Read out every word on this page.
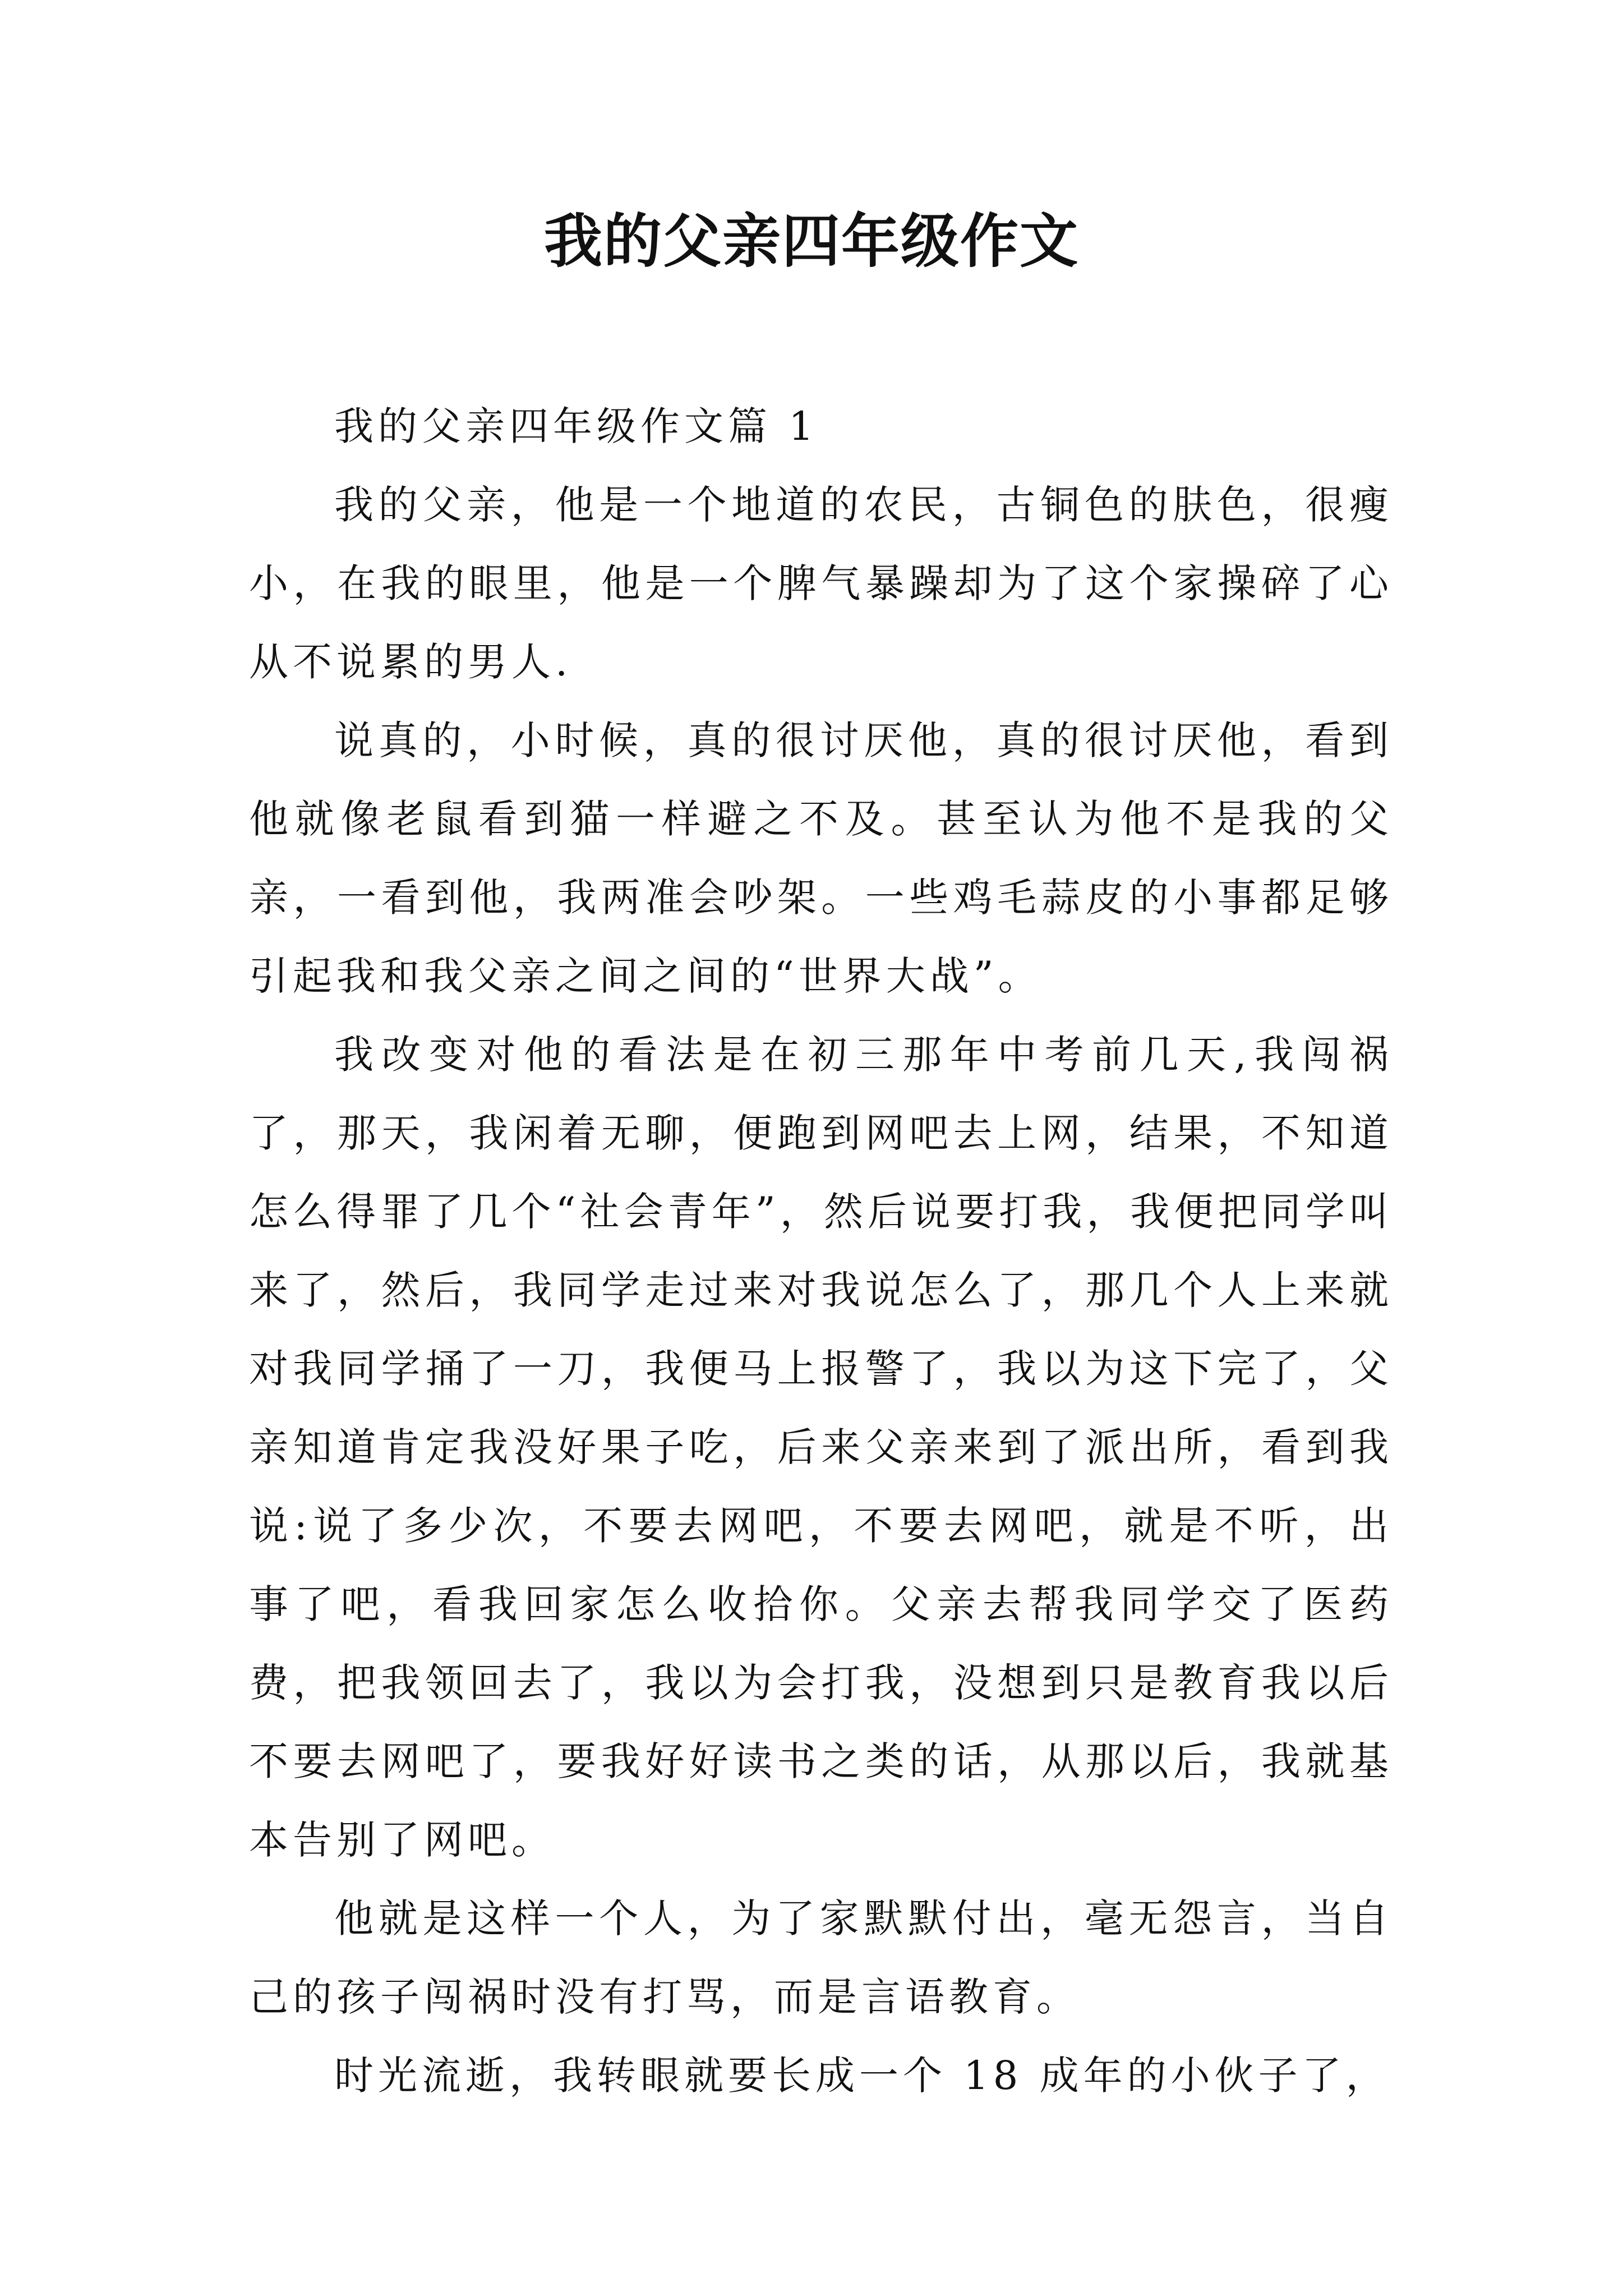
我的父亲四年级作文

我的父亲四年级作文篇 1

我的父亲，他是一个地道的农民，古铜色的肤色，很瘦小，在我的眼里，他是一个脾气暴躁却为了这个家操碎了心从不说累的男人.

说真的，小时候，真的很讨厌他，真的很讨厌他，看到他就像老鼠看到猫一样避之不及。甚至认为他不是我的父亲，一看到他，我两准会吵架。一些鸡毛蒜皮的小事都足够引起我和我父亲之间之间的“世界大战”。

我改变对他的看法是在初三那年中考前几天,我闯祸了，那天，我闲着无聊，便跑到网吧去上网，结果，不知道怎么得罪了几个“社会青年”，然后说要打我，我便把同学叫来了，然后，我同学走过来对我说怎么了，那几个人上来就对我同学捅了一刀，我便马上报警了，我以为这下完了，父亲知道肯定我没好果子吃，后来父亲来到了派出所，看到我说:说了多少次，不要去网吧，不要去网吧，就是不听，出事了吧，看我回家怎么收拾你。父亲去帮我同学交了医药费，把我领回去了，我以为会打我，没想到只是教育我以后不要去网吧了，要我好好读书之类的话，从那以后，我就基本告别了网吧。

他就是这样一个人，为了家默默付出，毫无怨言，当自己的孩子闯祸时没有打骂，而是言语教育。

时光流逝，我转眼就要长成一个 18 成年的小伙子了，
